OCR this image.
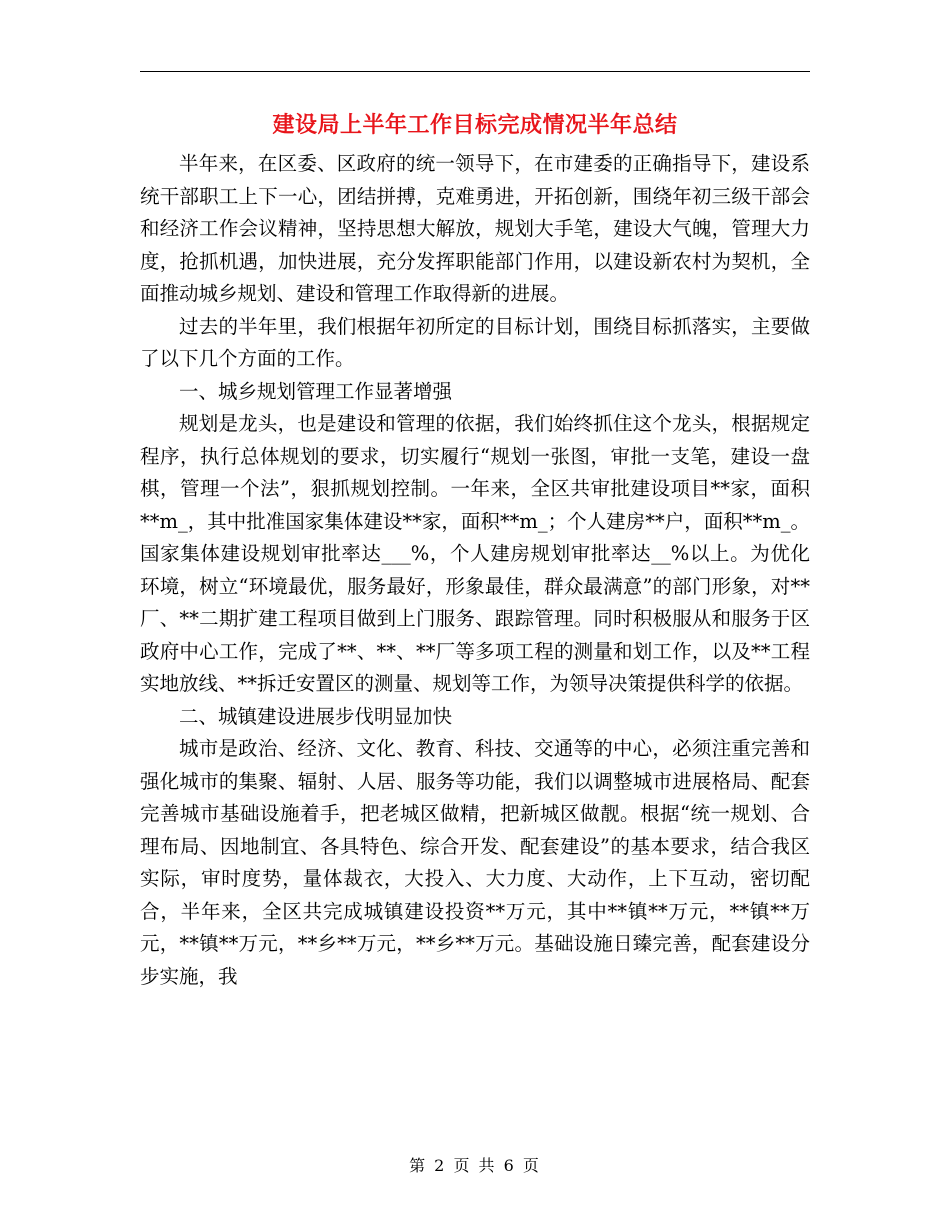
建设局上半年工作目标完成情况半年总结

半年来，在区委、区政府的统一领导下，在市建委的正确指导下，建设系统干部职工上下一心，团结拼搏，克难勇进，开拓创新，围绕年初三级干部会和经济工作会议精神，坚持思想大解放，规划大手笔，建设大气魄，管理大力度，抢抓机遇，加快进展，充分发挥职能部门作用，以建设新农村为契机，全面推动城乡规划、建设和管理工作取得新的进展。

过去的半年里，我们根据年初所定的目标计划，围绕目标抓落实，主要做了以下几个方面的工作。

一、城乡规划管理工作显著增强

规划是龙头，也是建设和管理的依据，我们始终抓住这个龙头，根据规定程序，执行总体规划的要求，切实履行“规划一张图，审批一支笔，建设一盘棋，管理一个法”，狠抓规划控制。一年来，全区共审批建设项目**家，面积**m_，其中批准国家集体建设**家，面积**m_；个人建房**户，面积**m_。国家集体建设规划审批率达___%，个人建房规划审批率达__%以上。为优化环境，树立“环境最优，服务最好，形象最佳，群众最满意”的部门形象，对**厂、**二期扩建工程项目做到上门服务、跟踪管理。同时积极服从和服务于区政府中心工作，完成了**、**、**厂等多项工程的测量和划工作，以及**工程实地放线、**拆迁安置区的测量、规划等工作，为领导决策提供科学的依据。

二、城镇建设进展步伐明显加快

城市是政治、经济、文化、教育、科技、交通等的中心，必须注重完善和强化城市的集聚、辐射、人居、服务等功能，我们以调整城市进展格局、配套完善城市基础设施着手，把老城区做精，把新城区做靓。根据“统一规划、合理布局、因地制宜、各具特色、综合开发、配套建设”的基本要求，结合我区实际，审时度势，量体裁衣，大投入、大力度、大动作，上下互动，密切配合，半年来，全区共完成城镇建设投资**万元，其中**镇**万元，**镇**万元，**镇**万元，**乡**万元，**乡**万元。基础设施日臻完善，配套建设分步实施，我

第 2 页 共 6 页
